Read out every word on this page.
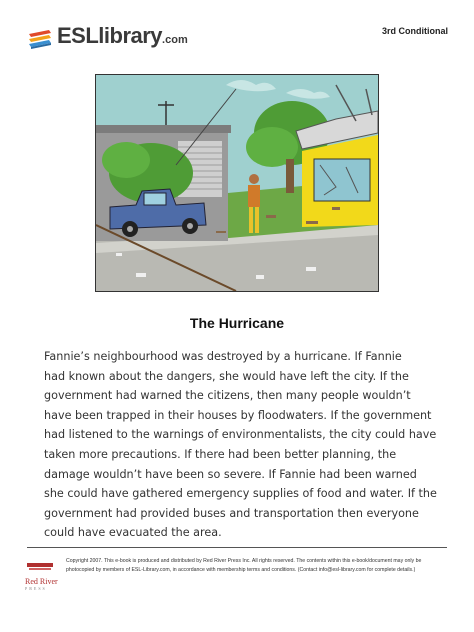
ESLlibrary.com
3rd Conditional
The Hurricane

Fannie’s neighbourhood was destroyed by a hurricane. If Fannie
had known about the dangers, she would have left the city. If the
government had warned the citizens, then many people wouldn’t
have been trapped in their houses by floodwaters. If the government
had listened to the warnings of environmentalists, the city could have
taken more precautions. If there had been better planning, the
damage wouldn’t have been so severe. If Fannie had been warned
she could have gathered emergency supplies of food and water. If the
government had provided buses and transportation then everyone
could have evacuated the area.

Red River
PRESS
Copyright 2007. This e-book is produced and distributed by Red River Press Inc. All rights reserved. The contents within this e-book/document may only be
photocopied by members of ESL-Library.com, in accordance with membership terms and conditions. (Contact info@esl-library.com for complete details.)
